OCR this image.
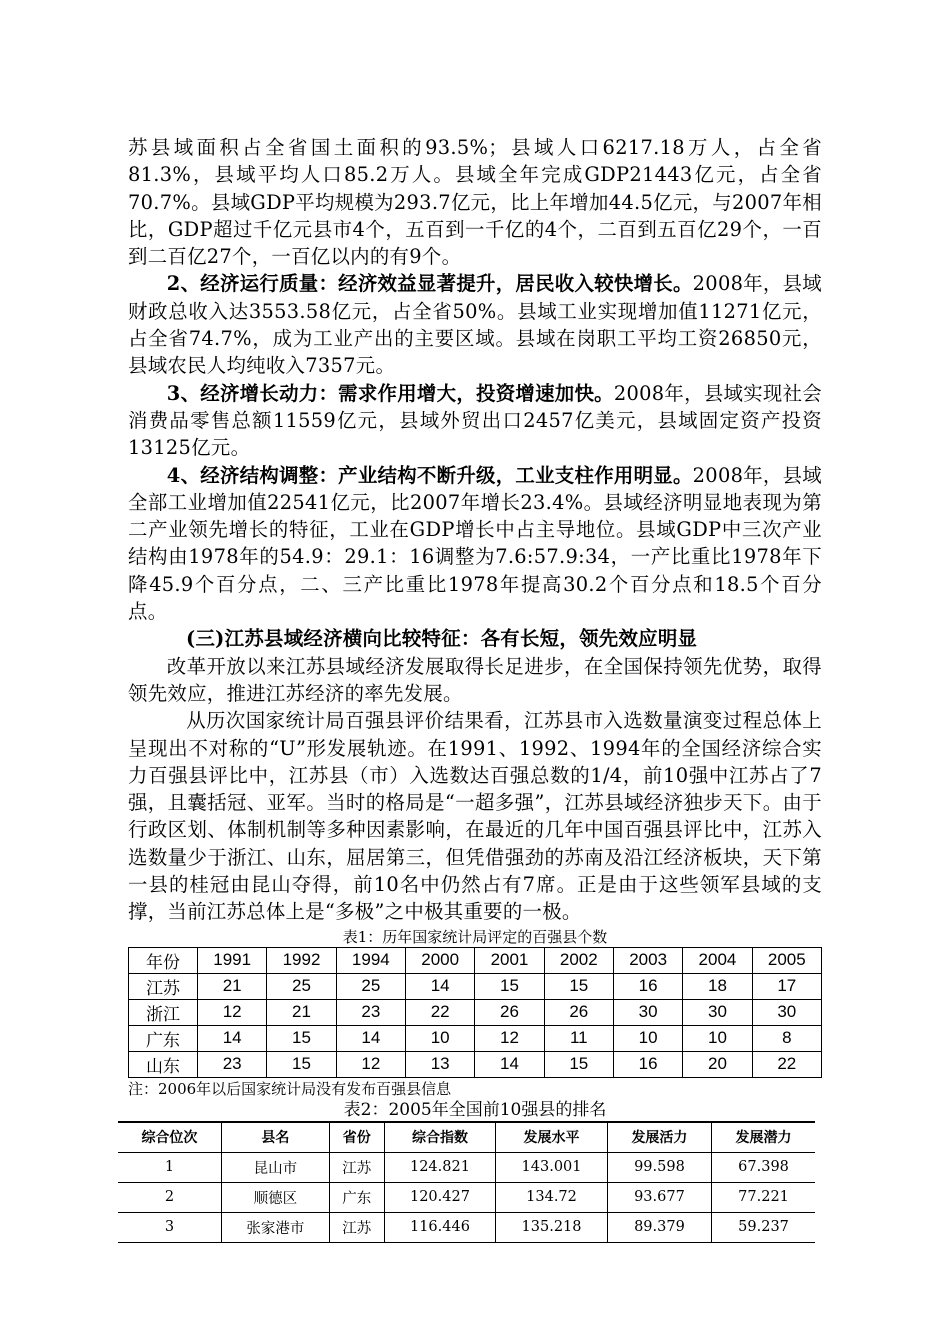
苏县域面积占全省国土面积的93.5%；县域人口6217.18万人，占全省81.3%，县域平均人口85.2万人。县域全年完成GDP21443亿元，占全省70.7%。县域GDP平均规模为293.7亿元，比上年增加44.5亿元，与2007年相比，GDP超过千亿元县市4个，五百到一千亿的4个，二百到五百亿29个，一百到二百亿27个，一百亿以内的有9个。

2、经济运行质量：经济效益显著提升，居民收入较快增长。2008年，县域财政总收入达3553.58亿元，占全省50%。县域工业实现增加值11271亿元，占全省74.7%，成为工业产出的主要区域。县域在岗职工平均工资26850元，县域农民人均纯收入7357元。

3、经济增长动力：需求作用增大，投资增速加快。2008年，县域实现社会消费品零售总额11559亿元，县域外贸出口2457亿美元，县域固定资产投资13125亿元。

4、经济结构调整：产业结构不断升级，工业支柱作用明显。2008年，县域全部工业增加值22541亿元，比2007年增长23.4%。县域经济明显地表现为第二产业领先增长的特征，工业在GDP增长中占主导地位。县域GDP中三次产业结构由1978年的54.9：29.1：16调整为7.6:57.9:34，一产比重比1978年下降45.9个百分点，二、三产比重比1978年提高30.2个百分点和18.5个百分点。

(三)江苏县域经济横向比较特征：各有长短，领先效应明显

改革开放以来江苏县域经济发展取得长足进步，在全国保持领先优势，取得领先效应，推进江苏经济的率先发展。

从历次国家统计局百强县评价结果看，江苏县市入选数量演变过程总体上呈现出不对称的“U”形发展轨迹。在1991、1992、1994年的全国经济综合实力百强县评比中，江苏县（市）入选数达百强总数的1/4，前10强中江苏占了7强，且囊括冠、亚军。当时的格局是“一超多强”，江苏县域经济独步天下。由于行政区划、体制机制等多种因素影响，在最近的几年中国百强县评比中，江苏入选数量少于浙江、山东，屈居第三，但凭借强劲的苏南及沿江经济板块，天下第一县的桂冠由昆山夺得，前10名中仍然占有7席。正是由于这些领军县域的支撑，当前江苏总体上是“多极”之中极其重要的一极。

表1：历年国家统计局评定的百强县个数
年份	1991	1992	1994	2000	2001	2002	2003	2004	2005
江苏	21	25	25	14	15	15	16	18	17
浙江	12	21	23	22	26	26	30	30	30
广东	14	15	14	10	12	11	10	10	8
山东	23	15	12	13	14	15	16	20	22
注：2006年以后国家统计局没有发布百强县信息
表2：2005年全国前10强县的排名
综合位次	县名	省份	综合指数	发展水平	发展活力	发展潜力
1	昆山市	江苏	124.821	143.001	99.598	67.398
2	顺德区	广东	120.427	134.72	93.677	77.221
3	张家港市	江苏	116.446	135.218	89.379	59.237
